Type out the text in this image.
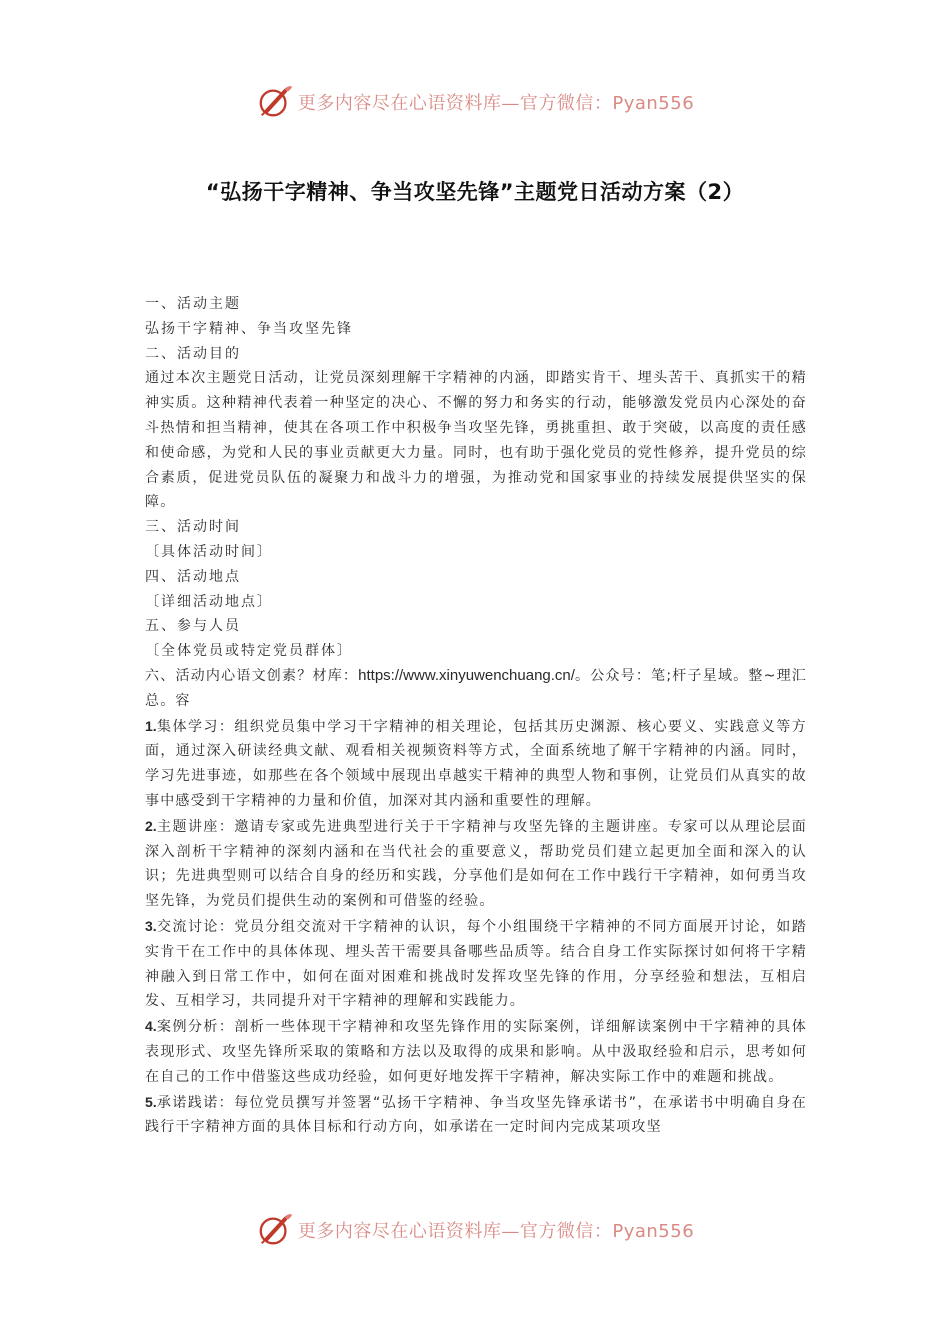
更多内容尽在心语资料库—官方微信：Pyan556
“弘扬干字精神、争当攻坚先锋”主题党日活动方案（2）

一、活动主题

弘扬干字精神、争当攻坚先锋

二、活动目的

通过本次主题党日活动，让党员深刻理解干字精神的内涵，即踏实肯干、埋头苦干、真抓实干的精神实质。这种精神代表着一种坚定的决心、不懈的努力和务实的行动，能够激发党员内心深处的奋斗热情和担当精神，使其在各项工作中积极争当攻坚先锋，勇挑重担、敢于突破，以高度的责任感和使命感，为党和人民的事业贡献更大力量。同时，也有助于强化党员的党性修养，提升党员的综合素质，促进党员队伍的凝聚力和战斗力的增强，为推动党和国家事业的持续发展提供坚实的保障。

三、活动时间

〔具体活动时间〕

四、活动地点

〔详细活动地点〕

五、参与人员

〔全体党员或特定党员群体〕

六、活动内心语文创素？材库：https://www.xinyuwenchuang.cn/。公众号：笔;杆子星域。整~理汇总。容

1.集体学习：组织党员集中学习干字精神的相关理论，包括其历史渊源、核心要义、实践意义等方面，通过深入研读经典文献、观看相关视频资料等方式，全面系统地了解干字精神的内涵。同时，学习先进事迹，如那些在各个领域中展现出卓越实干精神的典型人物和事例，让党员们从真实的故事中感受到干字精神的力量和价值，加深对其内涵和重要性的理解。

2.主题讲座：邀请专家或先进典型进行关于干字精神与攻坚先锋的主题讲座。专家可以从理论层面深入剖析干字精神的深刻内涵和在当代社会的重要意义，帮助党员们建立起更加全面和深入的认识；先进典型则可以结合自身的经历和实践，分享他们是如何在工作中践行干字精神，如何勇当攻坚先锋，为党员们提供生动的案例和可借鉴的经验。

3.交流讨论：党员分组交流对干字精神的认识，每个小组围绕干字精神的不同方面展开讨论，如踏实肯干在工作中的具体体现、埋头苦干需要具备哪些品质等。结合自身工作实际探讨如何将干字精神融入到日常工作中，如何在面对困难和挑战时发挥攻坚先锋的作用，分享经验和想法，互相启发、互相学习，共同提升对干字精神的理解和实践能力。

4.案例分析：剖析一些体现干字精神和攻坚先锋作用的实际案例，详细解读案例中干字精神的具体表现形式、攻坚先锋所采取的策略和方法以及取得的成果和影响。从中汲取经验和启示，思考如何在自己的工作中借鉴这些成功经验，如何更好地发挥干字精神，解决实际工作中的难题和挑战。

5.承诺践诺：每位党员撰写并签署“弘扬干字精神、争当攻坚先锋承诺书”，在承诺书中明确自身在践行干字精神方面的具体目标和行动方向，如承诺在一定时间内完成某项攻坚

更多内容尽在心语资料库—官方微信：Pyan556
